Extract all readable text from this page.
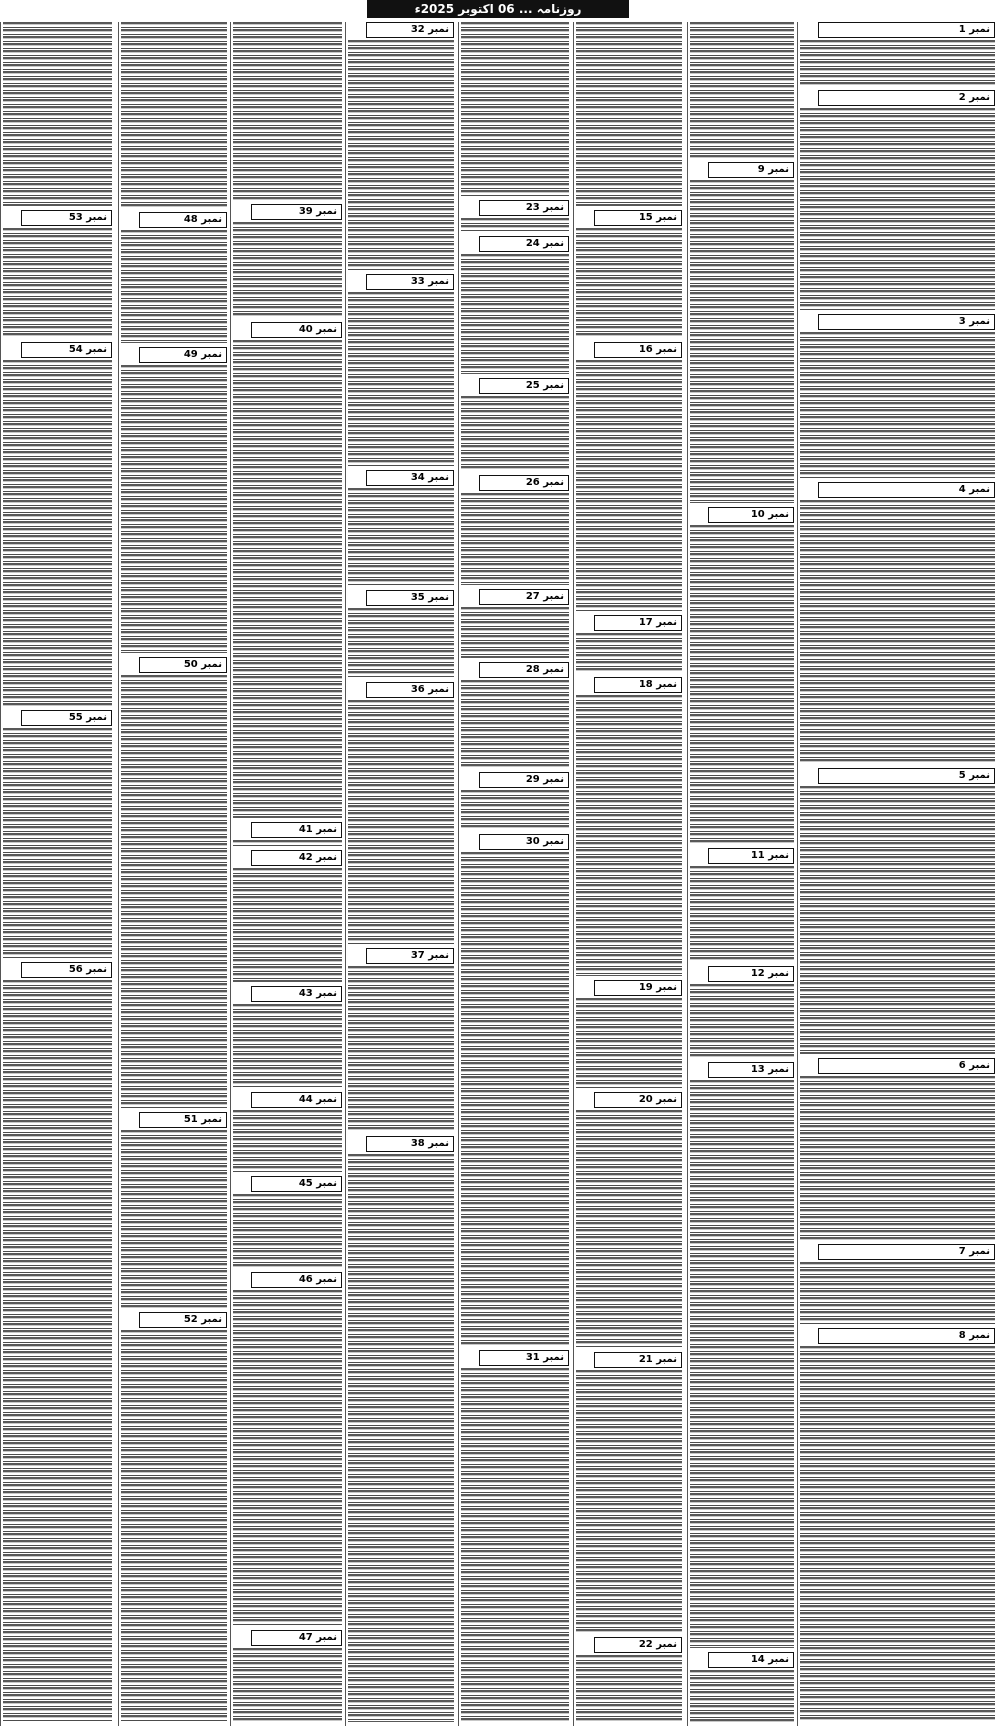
روزنامہ ... 06 اکتوبر 2025ء
نمبر 53
نمبر 54
نمبر 55
نمبر 56
نمبر 48
نمبر 49
نمبر 50
نمبر 51
نمبر 52
نمبر 39
نمبر 40
نمبر 41
نمبر 42
نمبر 43
نمبر 44
نمبر 45
نمبر 46
نمبر 47
نمبر 32
نمبر 33
نمبر 34
نمبر 35
نمبر 36
نمبر 37
نمبر 38
نمبر 23
نمبر 24
نمبر 25
نمبر 26
نمبر 27
نمبر 28
نمبر 29
نمبر 30
نمبر 31
نمبر 15
نمبر 16
نمبر 17
نمبر 18
نمبر 19
نمبر 20
نمبر 21
نمبر 22
نمبر 9
نمبر 10
نمبر 11
نمبر 12
نمبر 13
نمبر 14
نمبر 1
نمبر 2
نمبر 3
نمبر 4
نمبر 5
نمبر 6
نمبر 7
نمبر 8
